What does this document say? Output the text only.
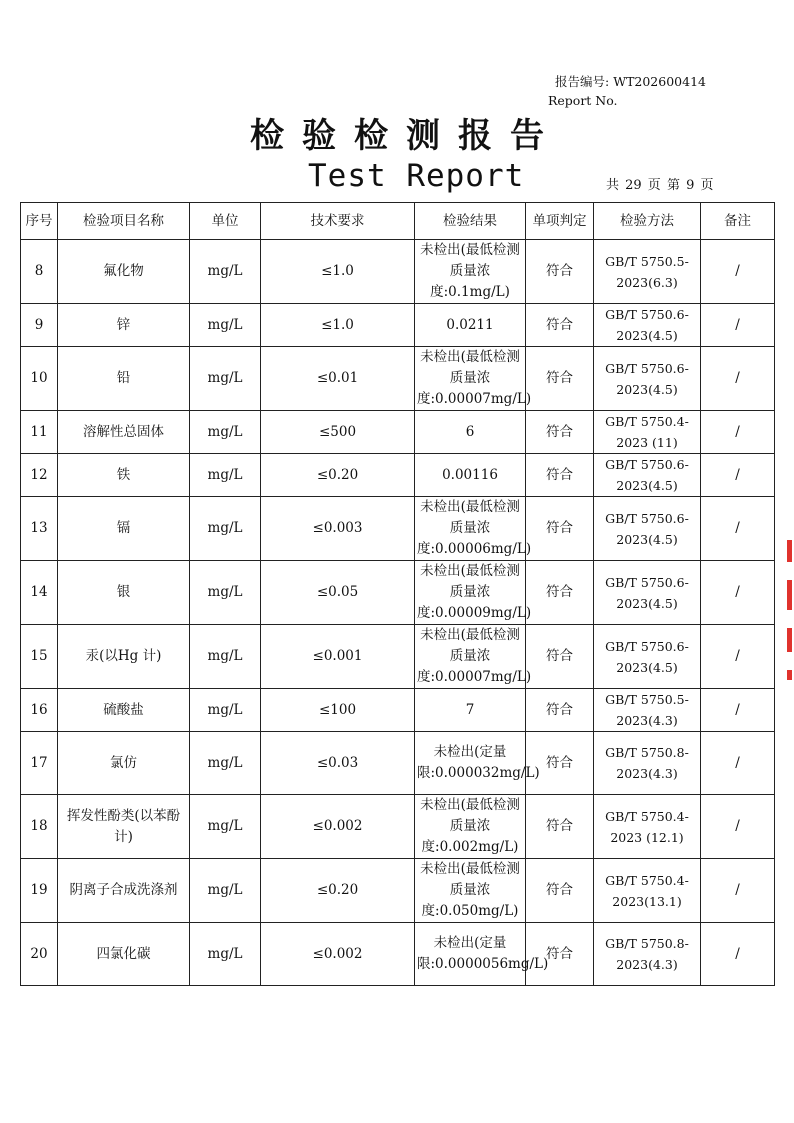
报告编号: WT202600414
Report No.
检验检测报告
Test Report	共 29 页 第 9 页
序号	检验项目名称	单位	技术要求	检验结果	单项判定	检验方法	备注
8	氟化物	mg/L	≤1.0	未检出(最低检测质量浓度:0.1mg/L)	符合	GB/T 5750.5-2023(6.3)	/
9	锌	mg/L	≤1.0	0.0211	符合	GB/T 5750.6-2023(4.5)	/
10	铅	mg/L	≤0.01	未检出(最低检测质量浓度:0.00007mg/L)	符合	GB/T 5750.6-2023(4.5)	/
11	溶解性总固体	mg/L	≤500	6	符合	GB/T 5750.4-2023 (11)	/
12	铁	mg/L	≤0.20	0.00116	符合	GB/T 5750.6-2023(4.5)	/
13	镉	mg/L	≤0.003	未检出(最低检测质量浓度:0.00006mg/L)	符合	GB/T 5750.6-2023(4.5)	/
14	银	mg/L	≤0.05	未检出(最低检测质量浓度:0.00009mg/L)	符合	GB/T 5750.6-2023(4.5)	/
15	汞(以Hg 计)	mg/L	≤0.001	未检出(最低检测质量浓度:0.00007mg/L)	符合	GB/T 5750.6-2023(4.5)	/
16	硫酸盐	mg/L	≤100	7	符合	GB/T 5750.5-2023(4.3)	/
17	氯仿	mg/L	≤0.03	未检出(定量限:0.000032mg/L)	符合	GB/T 5750.8-2023(4.3)	/
18	挥发性酚类(以苯酚计)	mg/L	≤0.002	未检出(最低检测质量浓度:0.002mg/L)	符合	GB/T 5750.4-2023 (12.1)	/
19	阴离子合成洗涤剂	mg/L	≤0.20	未检出(最低检测质量浓度:0.050mg/L)	符合	GB/T 5750.4-2023(13.1)	/
20	四氯化碳	mg/L	≤0.002	未检出(定量限:0.0000056mg/L)	符合	GB/T 5750.8-2023(4.3)	/
